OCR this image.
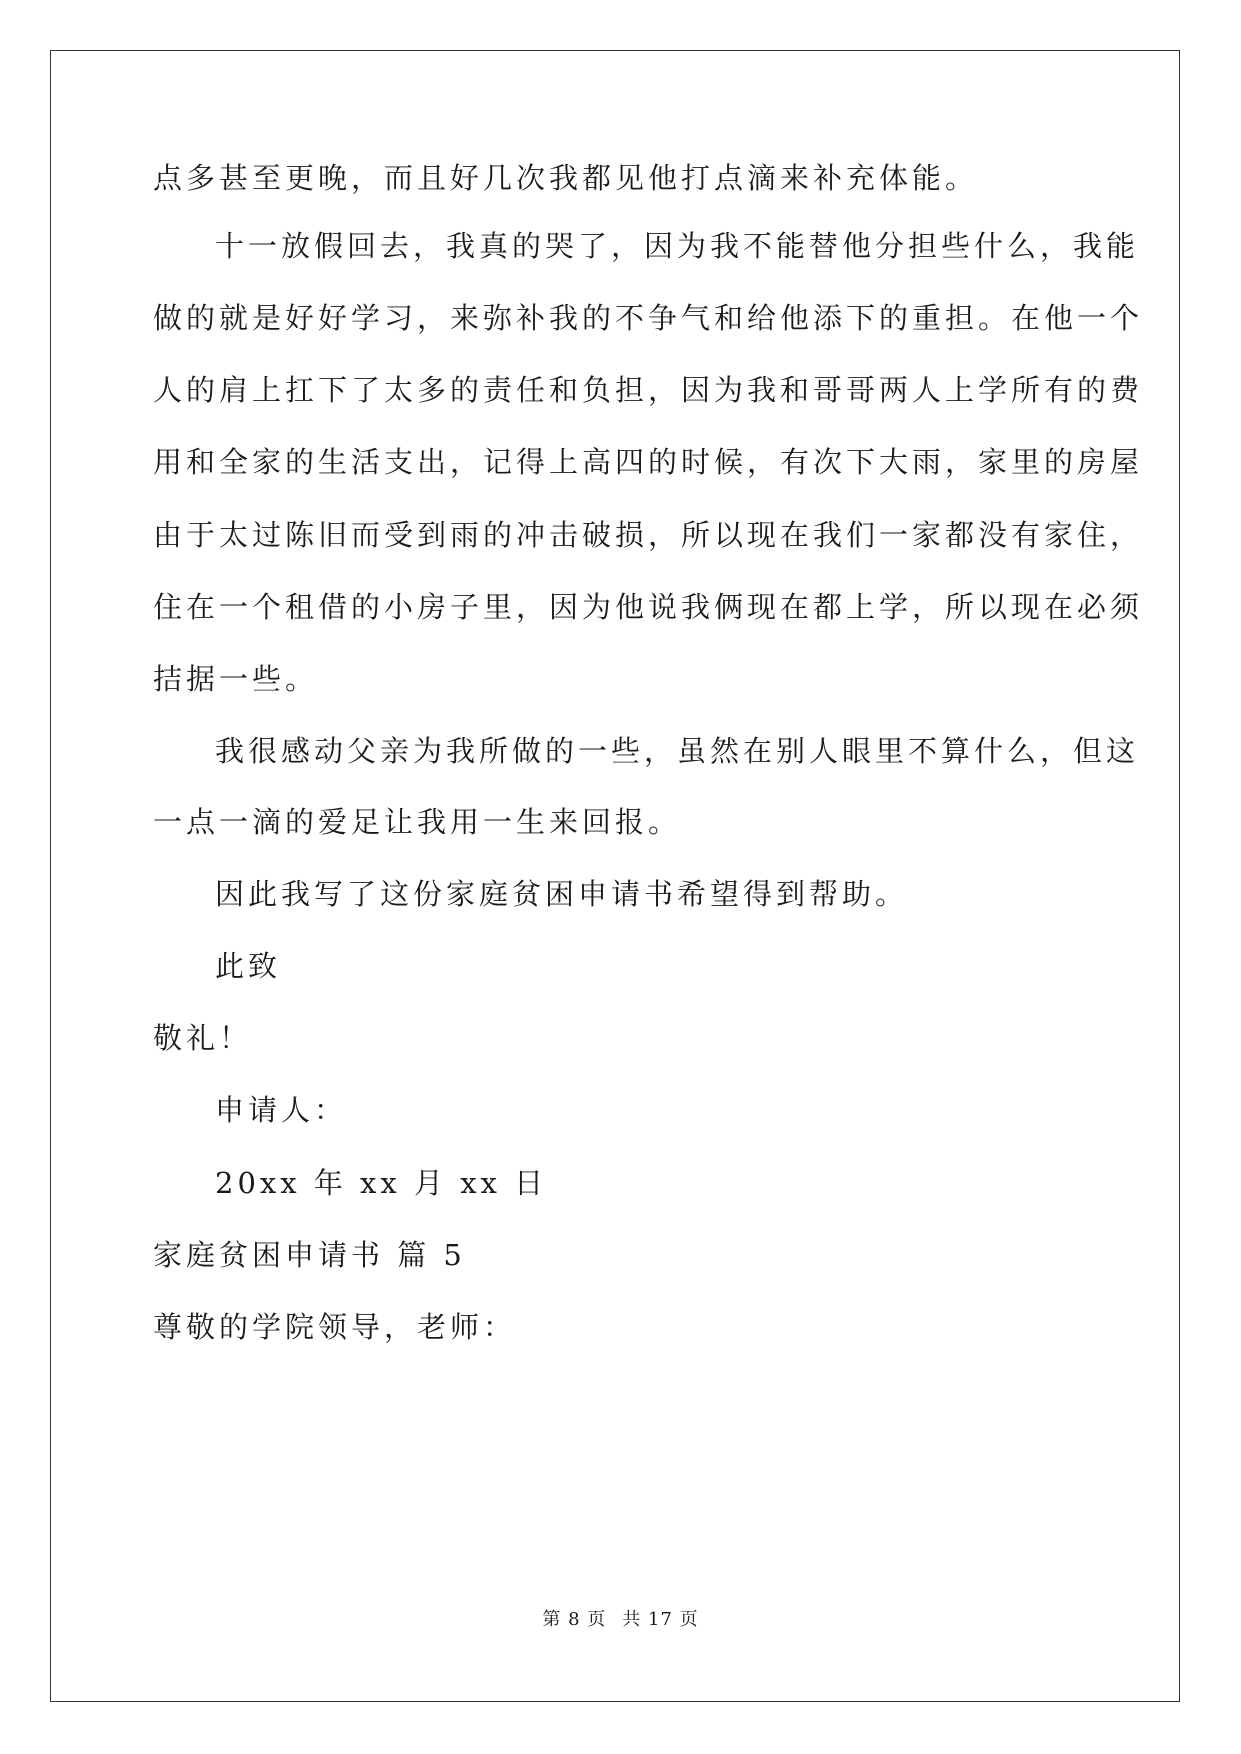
点多甚至更晚，而且好几次我都见他打点滴来补充体能。
十一放假回去，我真的哭了，因为我不能替他分担些什么，我能
做的就是好好学习，来弥补我的不争气和给他添下的重担。在他一个
人的肩上扛下了太多的责任和负担，因为我和哥哥两人上学所有的费
用和全家的生活支出，记得上高四的时候，有次下大雨，家里的房屋
由于太过陈旧而受到雨的冲击破损，所以现在我们一家都没有家住，
住在一个租借的小房子里，因为他说我俩现在都上学，所以现在必须
拮据一些。
我很感动父亲为我所做的一些，虽然在别人眼里不算什么，但这
一点一滴的爱足让我用一生来回报。
因此我写了这份家庭贫困申请书希望得到帮助。
此致
敬礼！
申请人：
20xx 年 xx 月 xx 日
家庭贫困申请书 篇 5
尊敬的学院领导，老师：
第 8 页 共 17 页
